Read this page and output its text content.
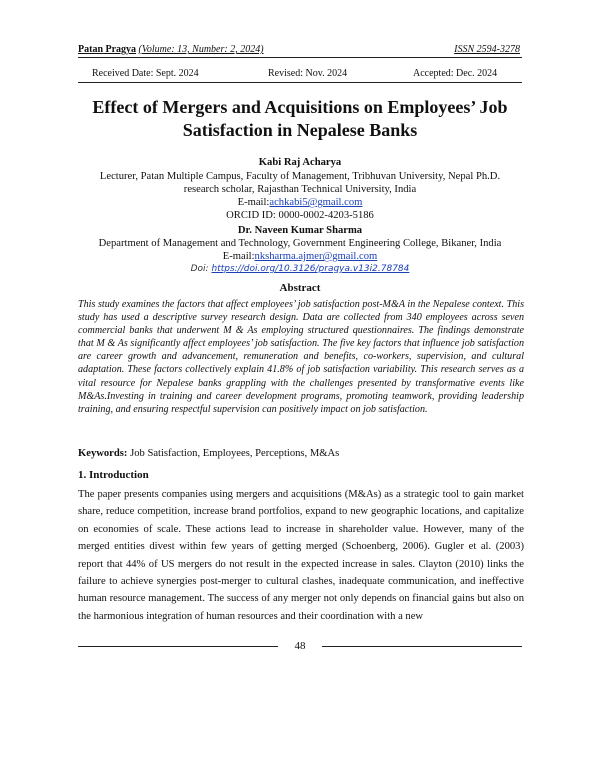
Patan Pragya (Volume: 13, Number: 2, 2024)	ISSN 2594-3278
Received Date: Sept. 2024	Revised: Nov. 2024	Accepted: Dec. 2024
Effect of Mergers and Acquisitions on Employees’ Job
Satisfaction in Nepalese Banks
Kabi Raj Acharya
Lecturer, Patan Multiple Campus, Faculty of Management, Tribhuvan University, Nepal Ph.D.
research scholar, Rajasthan Technical University, India
E-mail:achkabi5@gmail.com
ORCID ID: 0000-0002-4203-5186
Dr. Naveen Kumar Sharma
Department of Management and Technology, Government Engineering College, Bikaner, India
E-mail:nksharma.ajmer@gmail.com
Doi: https://doi.org/10.3126/pragya.v13i2.78784
Abstract
This study examines the factors that affect employees’ job satisfaction post-M&A in the Nepalese context. This study has used a descriptive survey research design. Data are collected from 340 employees across seven commercial banks that underwent M & As employing structured questionnaires. The findings demonstrate that M & As significantly affect employees’ job satisfaction. The five key factors that influence job satisfaction are career growth and advancement, remuneration and benefits, co-workers, supervision, and cultural adaptation. These factors collectively explain 41.8% of job satisfaction variability. This research serves as a vital resource for Nepalese banks grappling with the challenges presented by transformative events like M&As.Investing in training and career development programs, promoting teamwork, providing leadership training, and ensuring respectful supervision can positively impact on job satisfaction.
Keywords: Job Satisfaction, Employees, Perceptions, M&As
1. Introduction
The paper presents companies using mergers and acquisitions (M&As) as a strategic tool to gain market share, reduce competition, increase brand portfolios, expand to new geographic locations, and capitalize on economies of scale. These actions lead to increase in shareholder value. However, many of the merged entities divest within few years of getting merged (Schoenberg, 2006). Gugler et al. (2003) report that 44% of US mergers do not result in the expected increase in sales. Clayton (2010) links the failure to achieve synergies post-merger to cultural clashes, inadequate communication, and ineffective human resource management. The success of any merger not only depends on financial gains but also on the harmonious integration of human resources and their coordination with a new
48
